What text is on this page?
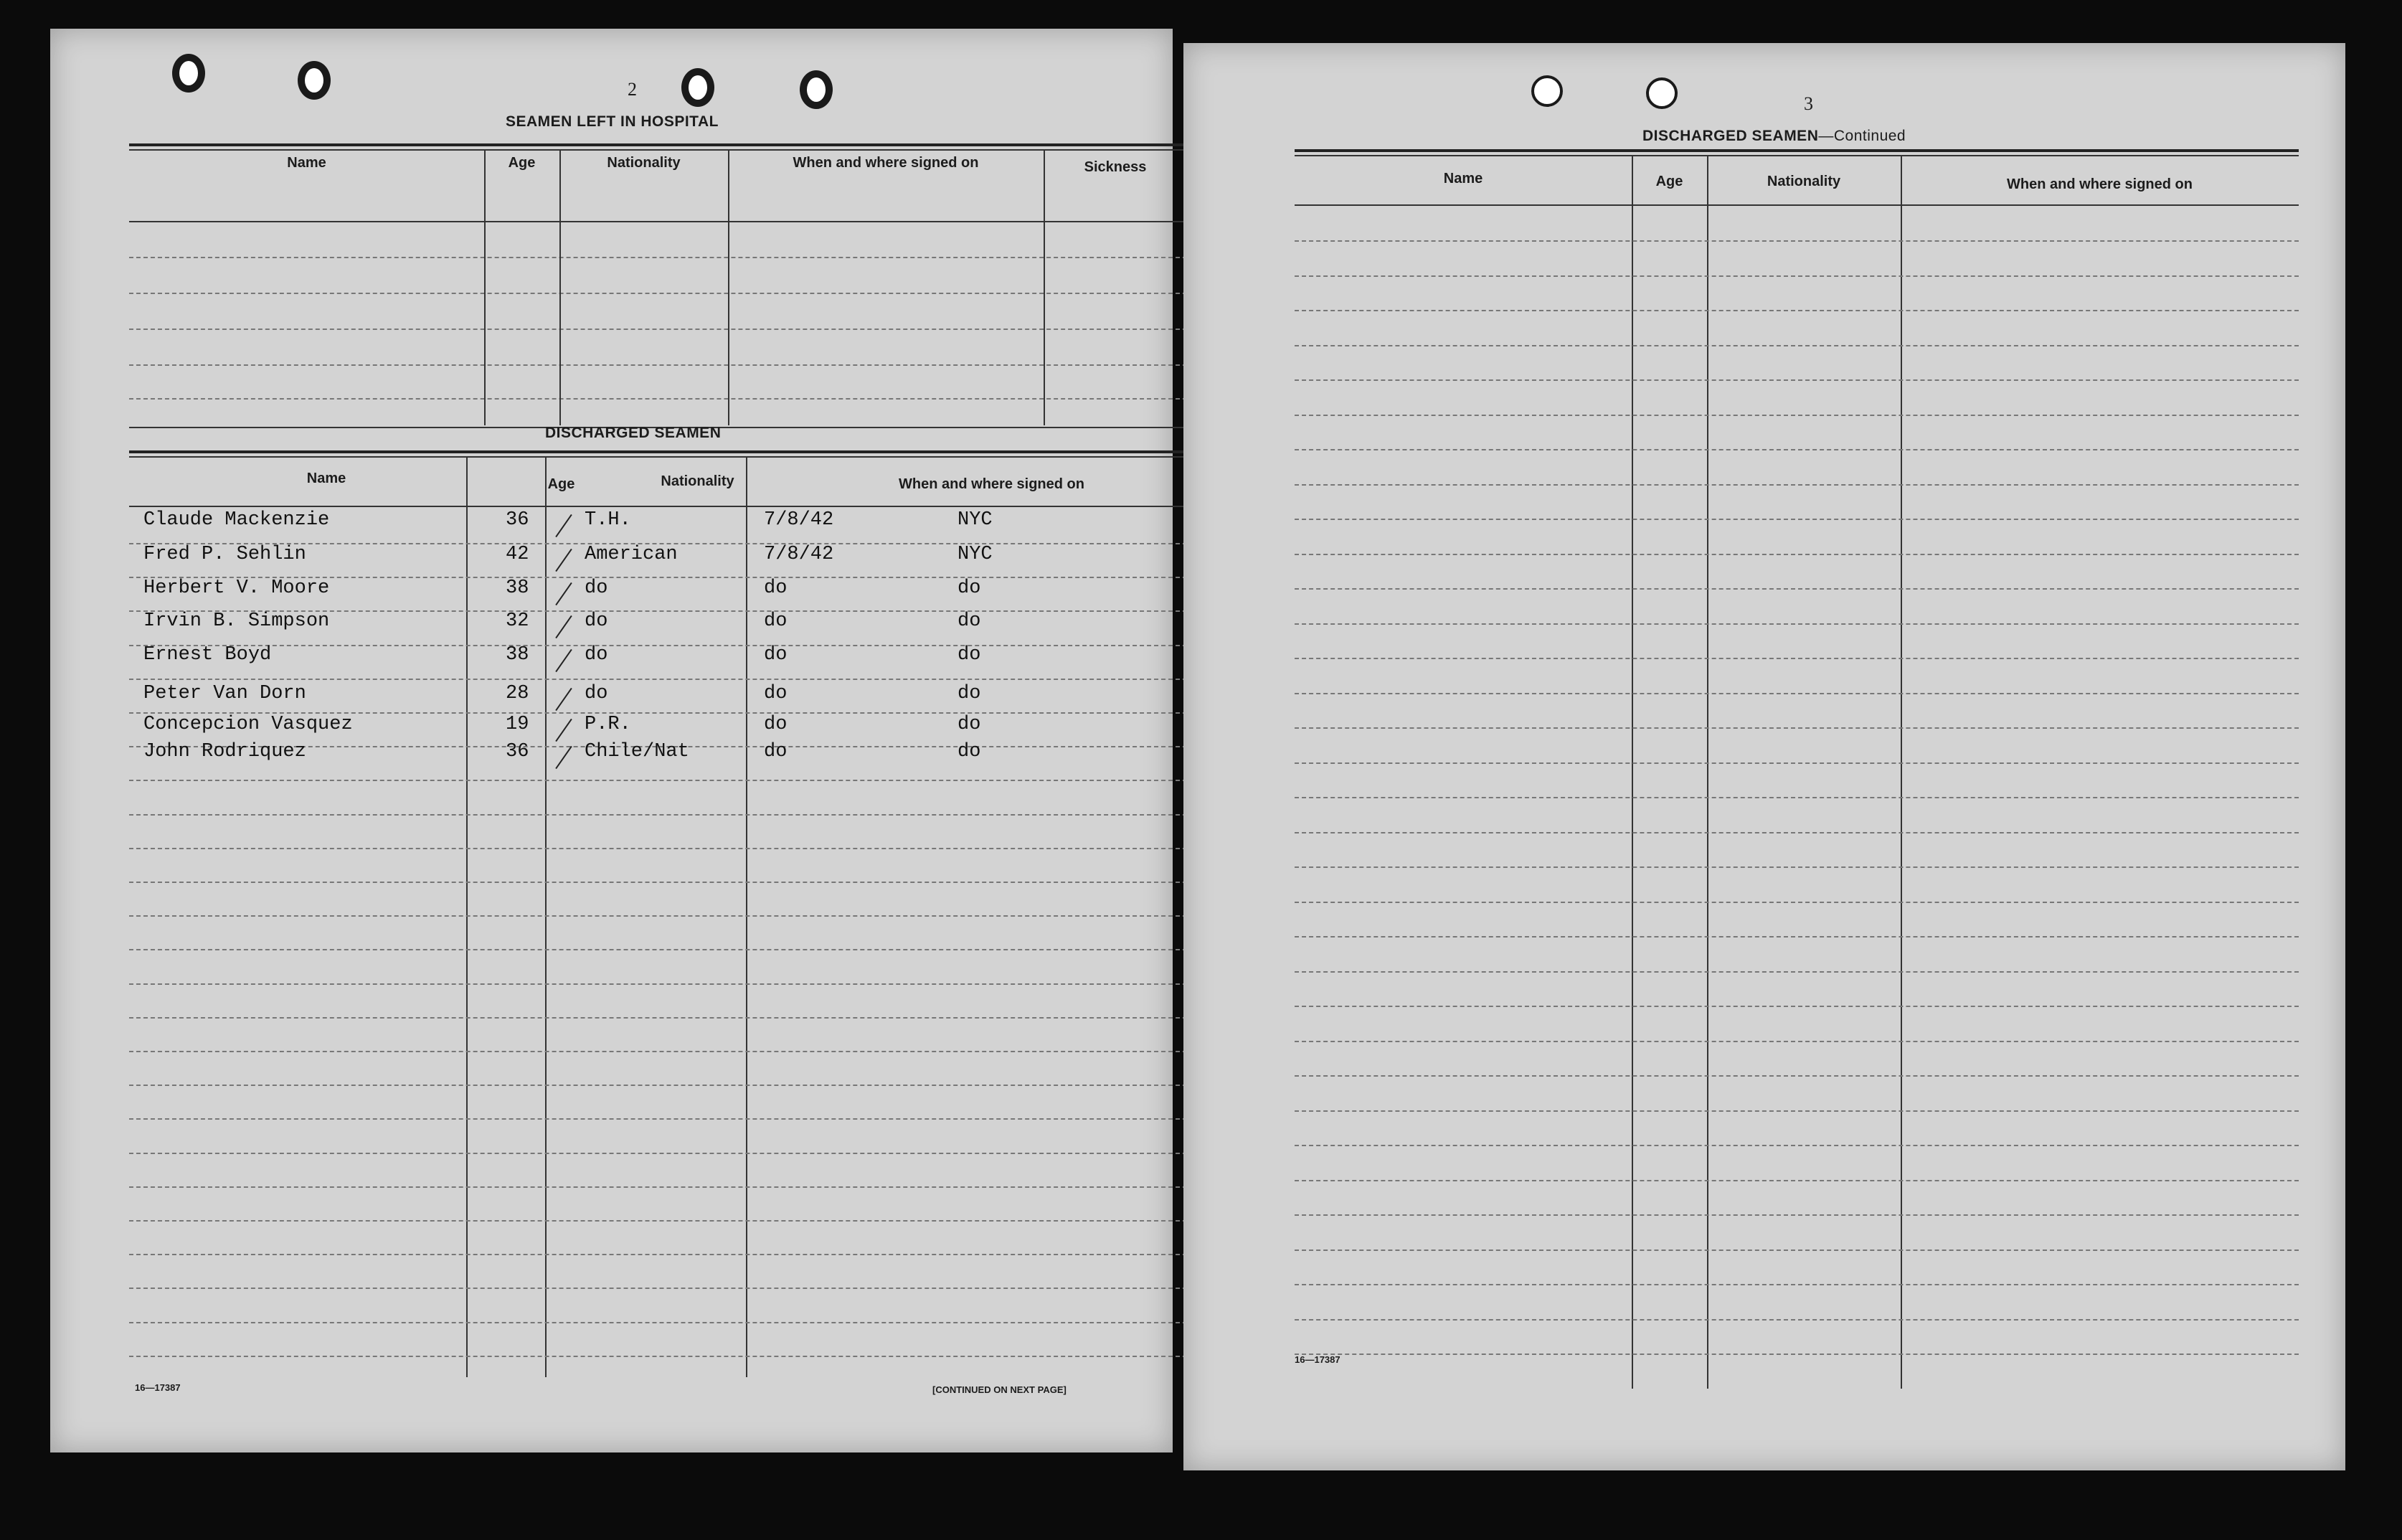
2
SEAMEN LEFT IN HOSPITAL
Name	Age	Nationality	When and where signed on	Sickness
DISCHARGED SEAMEN
Name	Age	Nationality	When and where signed on
Claude Mackenzie	36	T.H.	7/8/42	NYC
Fred P. Sehlin	42	American	7/8/42	NYC
Herbert V. Moore	38	do	do	do
Irvin B. Simpson	32	do	do	do
Ernest Boyd	38	do	do	do
Peter Van Dorn	28	do	do	do
Concepcion Vasquez	19	P.R.	do	do
John Rodriquez	36	Chile/Nat	do	do
16—17387	[CONTINUED ON NEXT PAGE]
3
DISCHARGED SEAMEN—Continued
Name	Age	Nationality	When and where signed on
16—17387
